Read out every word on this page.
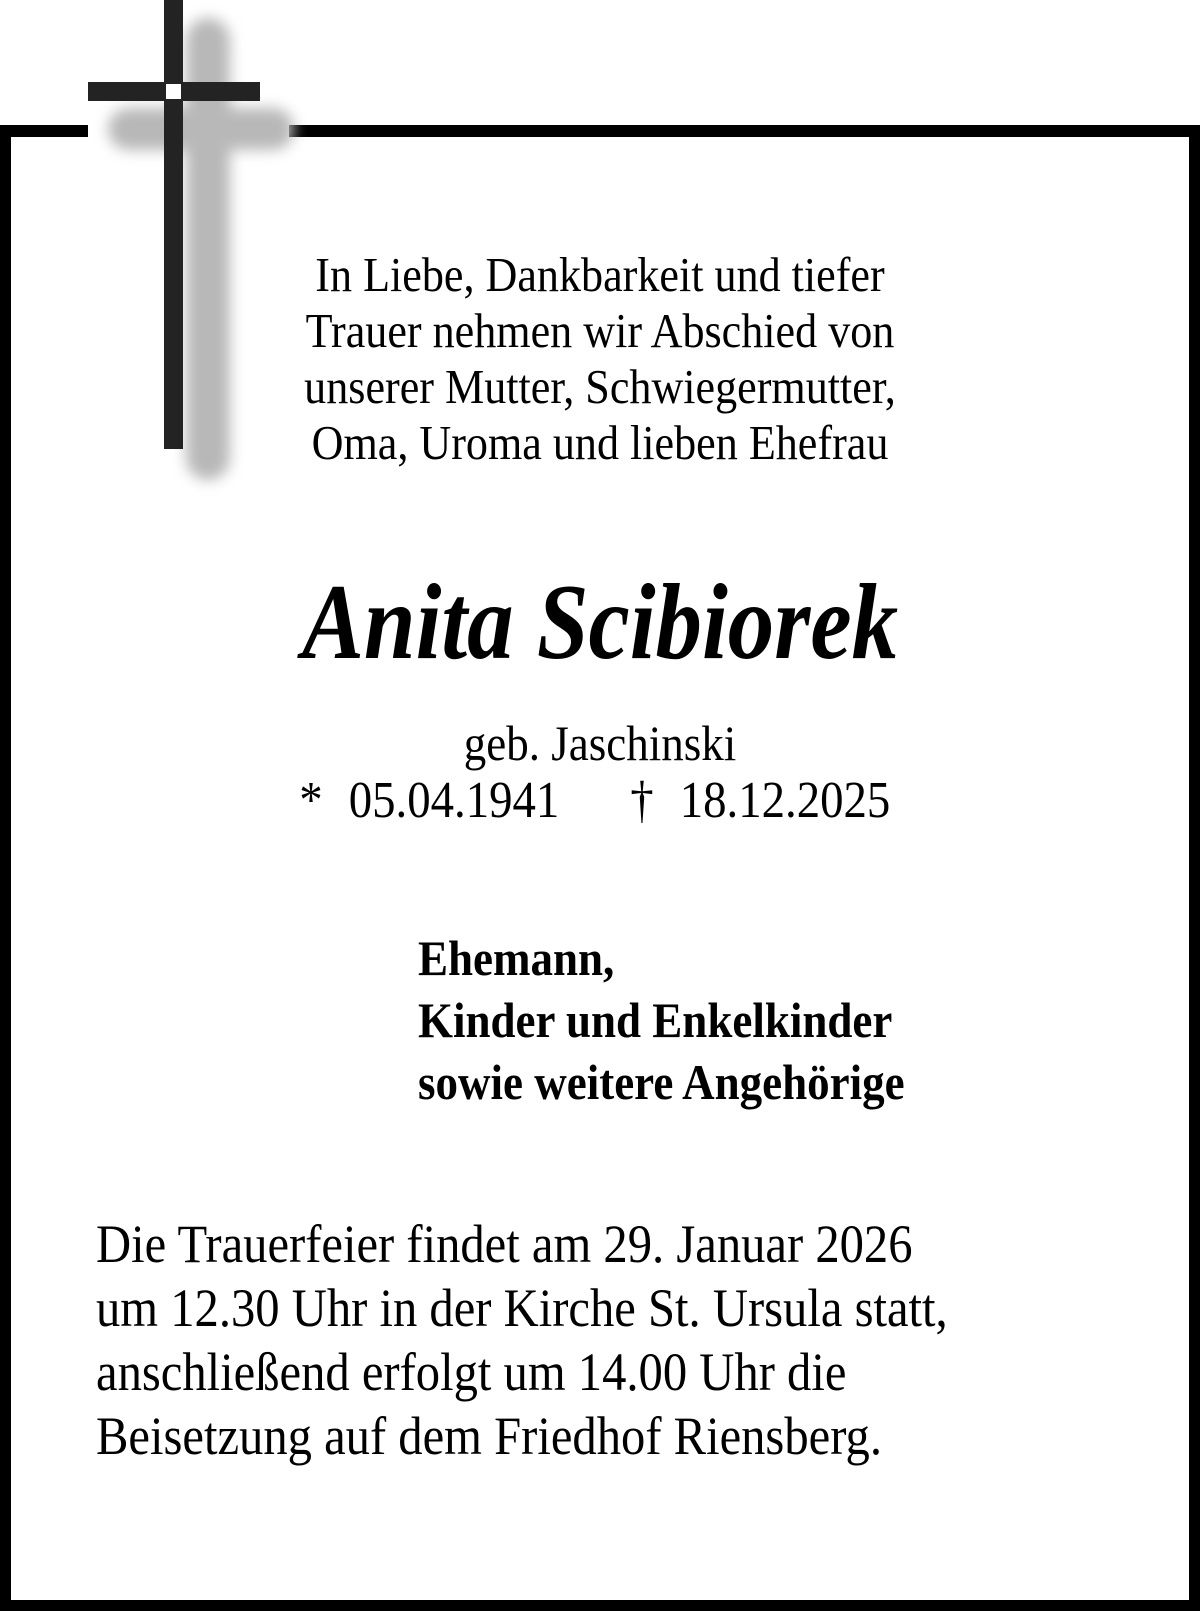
In Liebe, Dankbarkeit und tiefer
Trauer nehmen wir Abschied von
unserer Mutter, Schwiegermutter,
Oma, Uroma und lieben Ehefrau
Anita Scibiorek
geb. Jaschinski
* 05.04.1941 † 18.12.2025
Ehemann,
Kinder und Enkelkinder
sowie weitere Angehörige
Die Trauerfeier findet am 29. Januar 2026
um 12.30 Uhr in der Kirche St. Ursula statt,
anschließend erfolgt um 14.00 Uhr die
Beisetzung auf dem Friedhof Riensberg.
